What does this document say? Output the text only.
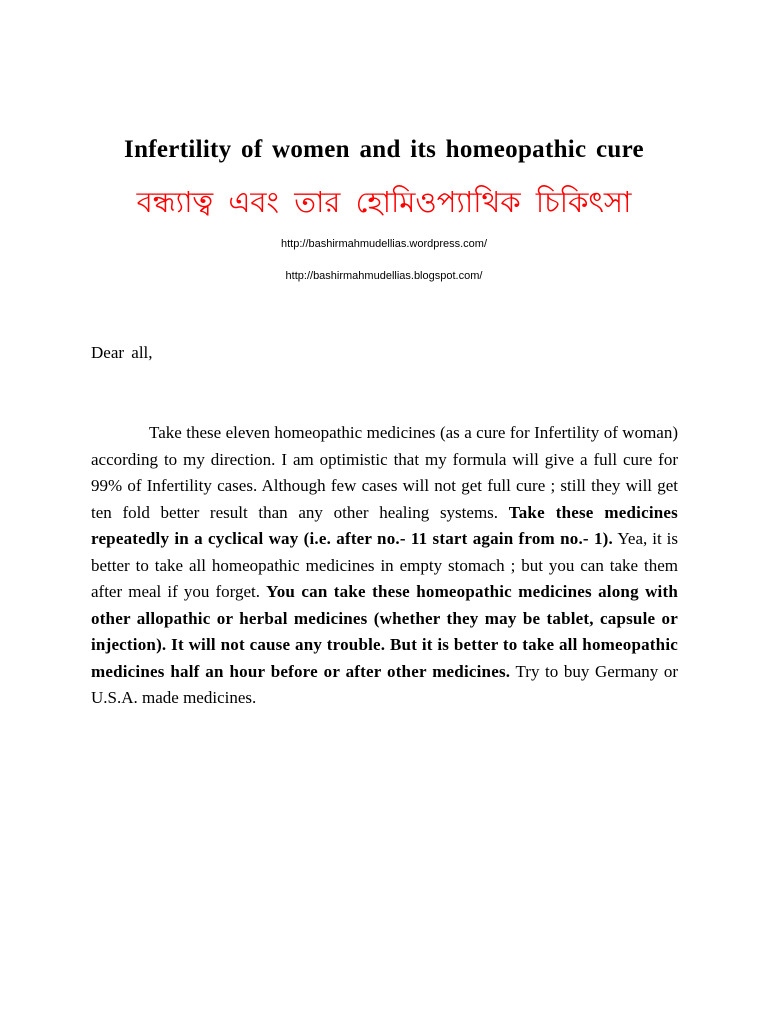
Infertility of women and its homeopathic cure
বন্ধ্যাত্ব এবং তার হোমিওপ্যাথিক চিকিৎসা
http://bashirmahmudellias.wordpress.com/
http://bashirmahmudellias.blogspot.com/
Dear all,

Take these eleven homeopathic medicines (as a cure for Infertility of woman) according to my direction. I am optimistic that my formula will give a full cure for 99% of Infertility cases. Although few cases will not get full cure ; still they will get ten fold better result than any other healing systems. Take these medicines repeatedly in a cyclical way (i.e. after no.- 11 start again from no.- 1). Yea, it is better to take all homeopathic medicines in empty stomach ; but you can take them after meal if you forget. You can take these homeopathic medicines along with other allopathic or herbal medicines (whether they may be tablet, capsule or injection). It will not cause any trouble. But it is better to take all homeopathic medicines half an hour before or after other medicines. Try to buy Germany or U.S.A. made medicines.
